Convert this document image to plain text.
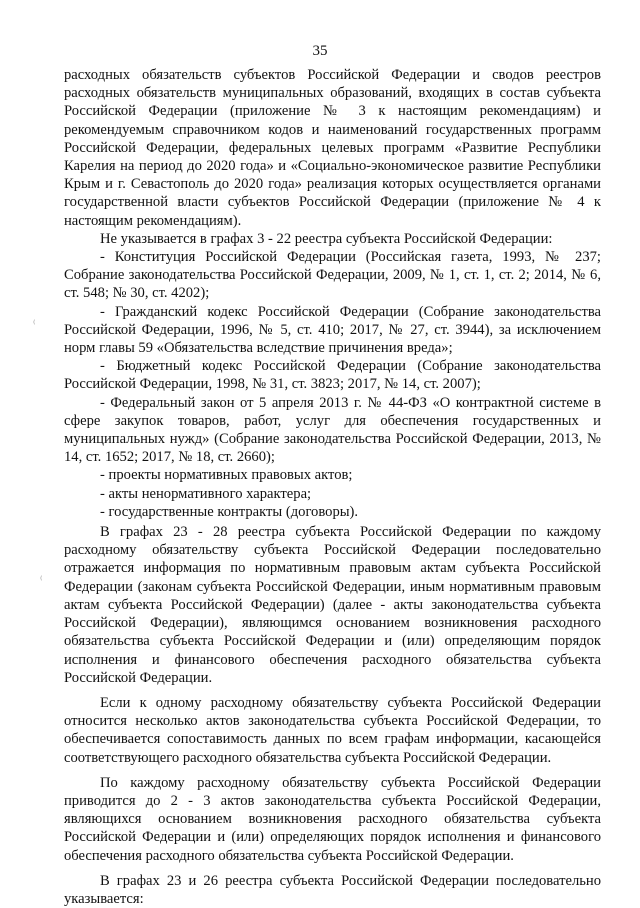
35
⁽
⁽

расходных обязательств субъектов Российской Федерации и сводов реестров расходных обязательств муниципальных образований, входящих в состав субъекта Российской Федерации (приложение № 3 к настоящим рекомендациям) и рекомендуемым справочником кодов и наименований государственных программ Российской Федерации, федеральных целевых программ «Развитие Республики Карелия на период до 2020 года» и «Социально-экономическое развитие Республики Крым и г. Севастополь до 2020 года» реализация которых осуществляется органами государственной власти субъектов Российской Федерации (приложение № 4 к настоящим рекомендациям).

Не указывается в графах 3 - 22 реестра субъекта Российской Федерации:

- Конституция Российской Федерации (Российская газета, 1993, № 237; Собрание законодательства Российской Федерации, 2009, № 1, ст. 1, ст. 2; 2014, № 6, ст. 548; № 30, ст. 4202);

- Гражданский кодекс Российской Федерации (Собрание законодательства Российской Федерации, 1996, № 5, ст. 410; 2017, № 27, ст. 3944), за исключением норм главы 59 «Обязательства вследствие причинения вреда»;

- Бюджетный кодекс Российской Федерации (Собрание законодательства Российской Федерации, 1998, № 31, ст. 3823; 2017, № 14, ст. 2007);

- Федеральный закон от 5 апреля 2013 г. № 44-ФЗ «О контрактной системе в сфере закупок товаров, работ, услуг для обеспечения государственных и муниципальных нужд» (Собрание законодательства Российской Федерации, 2013, № 14, ст. 1652; 2017, № 18, ст. 2660);

- проекты нормативных правовых актов;

- акты ненормативного характера;

- государственные контракты (договоры).

В графах 23 - 28 реестра субъекта Российской Федерации по каждому расходному обязательству субъекта Российской Федерации последовательно отражается информация по нормативным правовым актам субъекта Российской Федерации (законам субъекта Российской Федерации, иным нормативным правовым актам субъекта Российской Федерации) (далее - акты законодательства субъекта Российской Федерации), являющимся основанием возникновения расходного обязательства субъекта Российской Федерации и (или) определяющим порядок исполнения и финансового обеспечения расходного обязательства субъекта Российской Федерации.

Если к одному расходному обязательству субъекта Российской Федерации относится несколько актов законодательства субъекта Российской Федерации, то обеспечивается сопоставимость данных по всем графам информации, касающейся соответствующего расходного обязательства субъекта Российской Федерации.

По каждому расходному обязательству субъекта Российской Федерации приводится до 2 - 3 актов законодательства субъекта Российской Федерации, являющихся основанием возникновения расходного обязательства субъекта Российской Федерации и (или) определяющих порядок исполнения и финансового обеспечения расходного обязательства субъекта Российской Федерации.

В графах 23 и 26 реестра субъекта Российской Федерации последовательно указывается:
